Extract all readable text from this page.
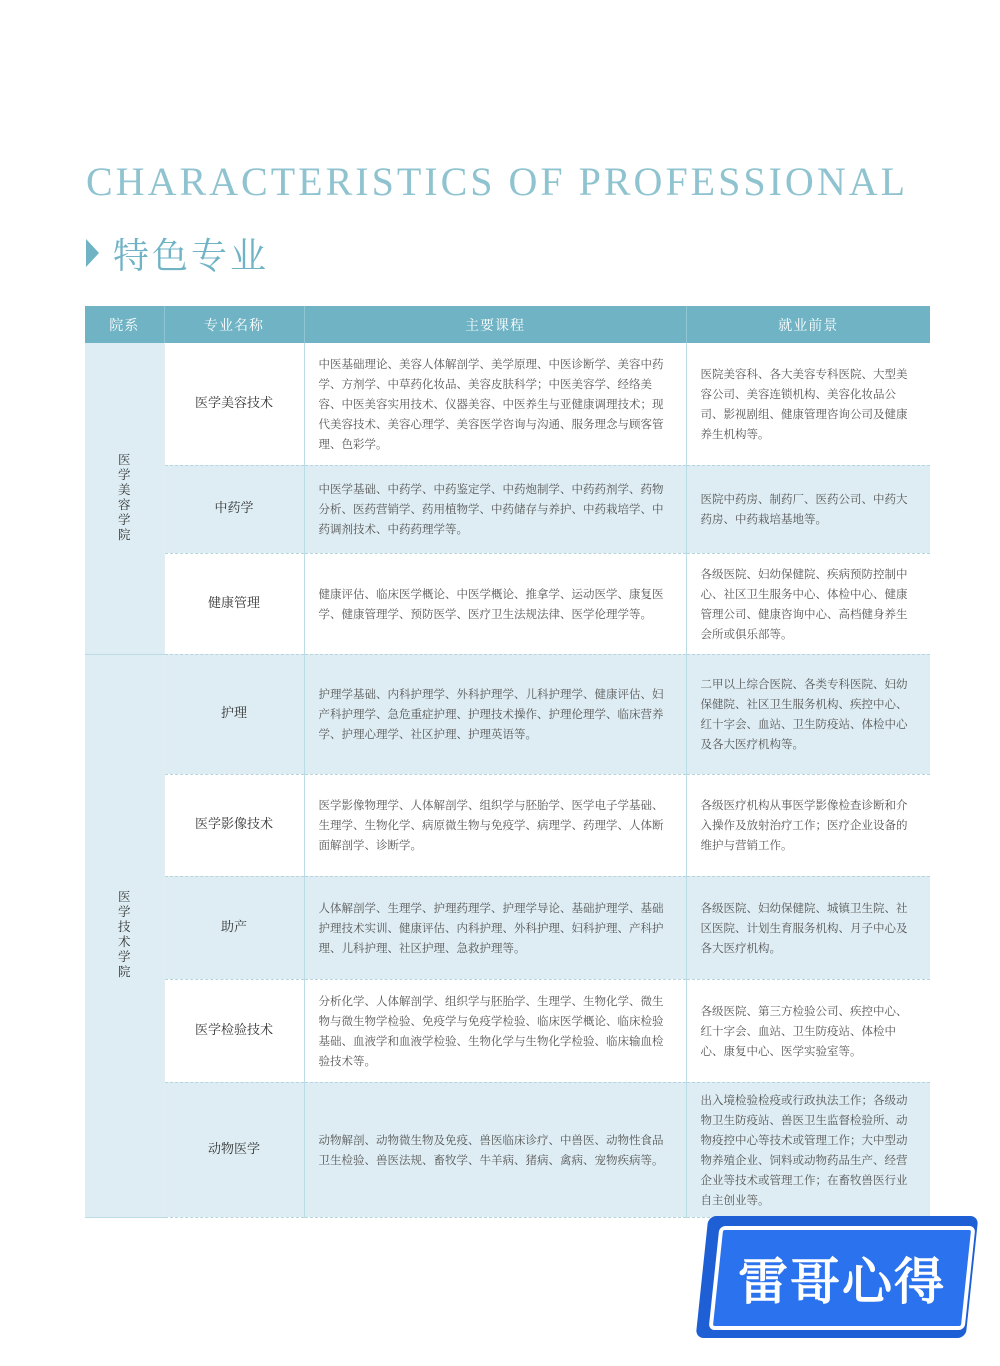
CHARACTERISTICS OF PROFESSIONAL
特色专业
院系	专业名称	主要课程	就业前景
医学美容学院	医学美容技术	中医基础理论、美容人体解剖学、美学原理、中医诊断学、美容中药学、方剂学、中草药化妆品、美容皮肤科学；中医美容学、经络美容、中医美容实用技术、仪器美容、中医养生与亚健康调理技术；现代美容技术、美容心理学、美容医学咨询与沟通、服务理念与顾客管理、色彩学。	医院美容科、各大美容专科医院、大型美容公司、美容连锁机构、美容化妆品公司、影视剧组、健康管理咨询公司及健康养生机构等。
	中药学	中医学基础、中药学、中药鉴定学、中药炮制学、中药药剂学、药物分析、医药营销学、药用植物学、中药储存与养护、中药栽培学、中药调剂技术、中药药理学等。	医院中药房、制药厂、医药公司、中药大药房、中药栽培基地等。
	健康管理	健康评估、临床医学概论、中医学概论、推拿学、运动医学、康复医学、健康管理学、预防医学、医疗卫生法规法律、医学伦理学等。	各级医院、妇幼保健院、疾病预防控制中心、社区卫生服务中心、体检中心、健康管理公司、健康咨询中心、高档健身养生会所或俱乐部等。
医学技术学院	护理	护理学基础、内科护理学、外科护理学、儿科护理学、健康评估、妇产科护理学、急危重症护理、护理技术操作、护理伦理学、临床营养学、护理心理学、社区护理、护理英语等。	二甲以上综合医院、各类专科医院、妇幼保健院、社区卫生服务机构、疾控中心、红十字会、血站、卫生防疫站、体检中心及各大医疗机构等。
	医学影像技术	医学影像物理学、人体解剖学、组织学与胚胎学、医学电子学基础、生理学、生物化学、病原微生物与免疫学、病理学、药理学、人体断面解剖学、诊断学。	各级医疗机构从事医学影像检查诊断和介入操作及放射治疗工作；医疗企业设备的维护与营销工作。
	助产	人体解剖学、生理学、护理药理学、护理学导论、基础护理学、基础护理技术实训、健康评估、内科护理、外科护理、妇科护理、产科护理、儿科护理、社区护理、急救护理等。	各级医院、妇幼保健院、城镇卫生院、社区医院、计划生育服务机构、月子中心及各大医疗机构。
	医学检验技术	分析化学、人体解剖学、组织学与胚胎学、生理学、生物化学、微生物与微生物学检验、免疫学与免疫学检验、临床医学概论、临床检验基础、血液学和血液学检验、生物化学与生物化学检验、临床输血检验技术等。	各级医院、第三方检验公司、疾控中心、红十字会、血站、卫生防疫站、体检中心、康复中心、医学实验室等。
	动物医学	动物解剖、动物微生物及免疫、兽医临床诊疗、中兽医、动物性食品卫生检验、兽医法规、畜牧学、牛羊病、猪病、禽病、宠物疾病等。	出入境检验检疫或行政执法工作；各级动物卫生防疫站、兽医卫生监督检验所、动物疫控中心等技术或管理工作；大中型动物养殖企业、饲料或动物药品生产、经营企业等技术或管理工作；在畜牧兽医行业自主创业等。
雷哥心得
